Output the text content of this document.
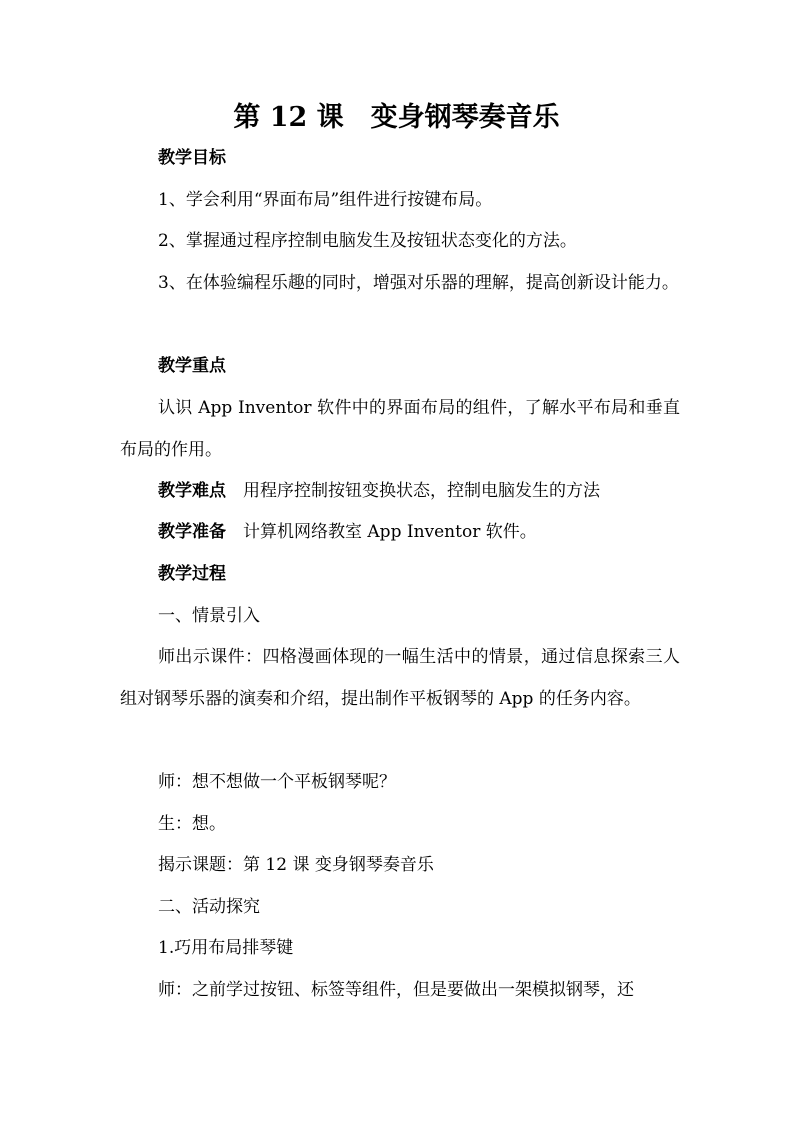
第 12 课　变身钢琴奏音乐

教学目标

1、学会利用“界面布局”组件进行按键布局。

2、掌握通过程序控制电脑发生及按钮状态变化的方法。

3、在体验编程乐趣的同时，增强对乐器的理解，提高创新设计能力。

教学重点

认识 App Inventor 软件中的界面布局的组件，了解水平布局和垂直布局的作用。

教学难点　用程序控制按钮变换状态，控制电脑发生的方法

教学准备　计算机网络教室 App Inventor 软件。

教学过程

一、情景引入

师出示课件：四格漫画体现的一幅生活中的情景，通过信息探索三人组对钢琴乐器的演奏和介绍，提出制作平板钢琴的 App 的任务内容。

师：想不想做一个平板钢琴呢？

生：想。

揭示课题：第 12 课 变身钢琴奏音乐

二、活动探究

1.巧用布局排琴键

师：之前学过按钮、标签等组件，但是要做出一架模拟钢琴，还
